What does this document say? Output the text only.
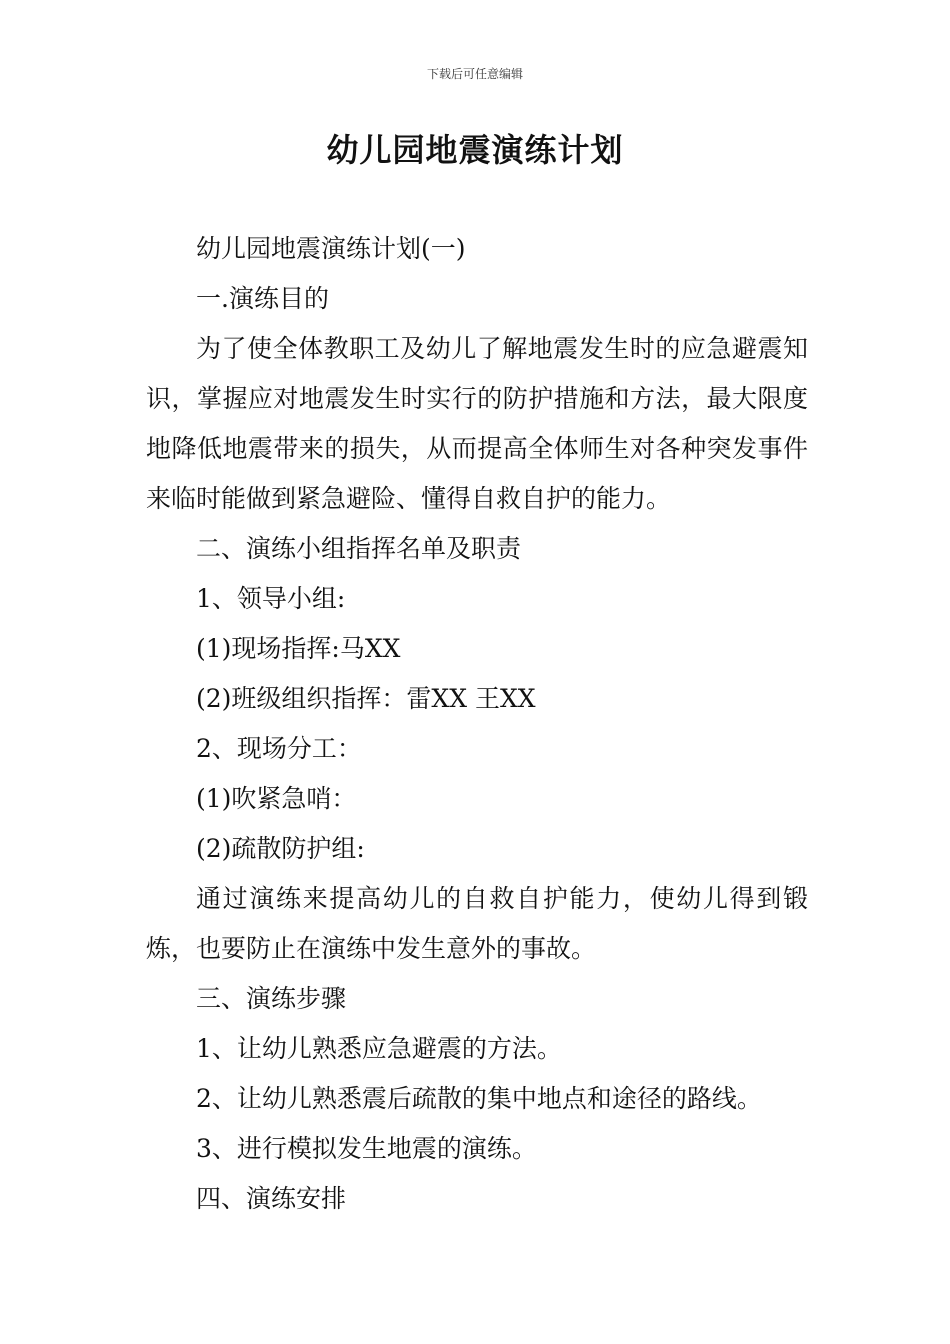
下载后可任意编辑
幼儿园地震演练计划

幼儿园地震演练计划(一)

一.演练目的

为了使全体教职工及幼儿了解地震发生时的应急避震知识，掌握应对地震发生时实行的防护措施和方法，最大限度地降低地震带来的损失，从而提高全体师生对各种突发事件来临时能做到紧急避险、懂得自救自护的能力。

二、演练小组指挥名单及职责

1、领导小组:

(1)现场指挥:马XX

(2)班级组织指挥：雷XX 王XX

2、现场分工：

(1)吹紧急哨：

(2)疏散防护组:

通过演练来提高幼儿的自救自护能力，使幼儿得到锻炼，也要防止在演练中发生意外的事故。

三、演练步骤

1、让幼儿熟悉应急避震的方法。

2、让幼儿熟悉震后疏散的集中地点和途径的路线。

3、进行模拟发生地震的演练。

四、演练安排
